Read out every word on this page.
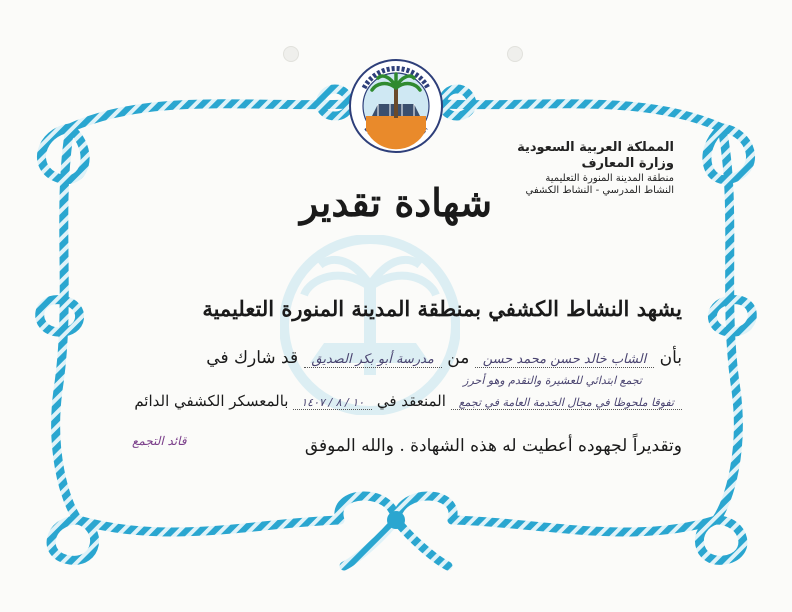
المملكة العربية السعودية
وزارة المعارف
منطقة المدينة المنورة التعليمية
النشاط المدرسي - النشاط الكشفي
شهادة تقدير
يشهد النشاط الكشفي بمنطقة المدينة المنورة التعليمية
بأن الشاب خالد حسن محمد حسن من مدرسة أبو بكر الصديق قد شارك في
تجمع ابتدائي للعشيرة والتقدم وهو أحرز
تفوقا ملحوظا في مجال الخدمة العامة في تجمع المنعقد في ١٠ / ٨ / ١٤٠٧ بالمعسكر الكشفي الدائم
وتقديراً لجهوده أعطيت له هذه الشهادة . والله الموفق
قائد التجمع
